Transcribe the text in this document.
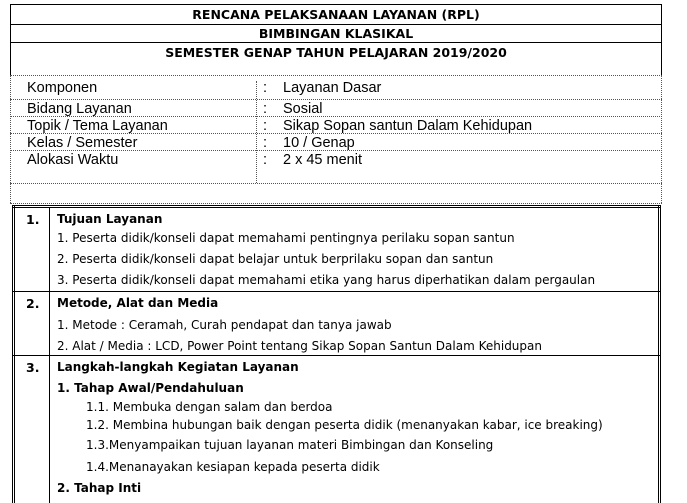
RENCANA PELAKSANAAN LAYANAN (RPL)
BIMBINGAN KLASIKAL
SEMESTER GENAP TAHUN PELAJARAN 2019/2020
Komponen	: Layanan Dasar
Bidang Layanan	: Sosial
Topik / Tema Layanan	: Sikap Sopan santun Dalam Kehidupan
Kelas / Semester	: 10 / Genap
Alokasi Waktu	: 2 x 45 menit
1. Tujuan Layanan
1. Peserta didik/konseli dapat memahami pentingnya perilaku sopan santun
2. Peserta didik/konseli dapat belajar untuk berprilaku sopan dan santun
3. Peserta didik/konseli dapat memahami etika yang harus diperhatikan dalam pergaulan
2. Metode, Alat dan Media
1. Metode : Ceramah, Curah pendapat dan tanya jawab
2. Alat / Media : LCD, Power Point tentang Sikap Sopan Santun Dalam Kehidupan
3. Langkah-langkah Kegiatan Layanan
1. Tahap Awal/Pendahuluan
1.1. Membuka dengan salam dan berdoa
1.2. Membina hubungan baik dengan peserta didik (menanyakan kabar, ice breaking)
1.3.Menyampaikan tujuan layanan materi Bimbingan dan Konseling
1.4.Menanayakan kesiapan kepada peserta didik
2. Tahap Inti
